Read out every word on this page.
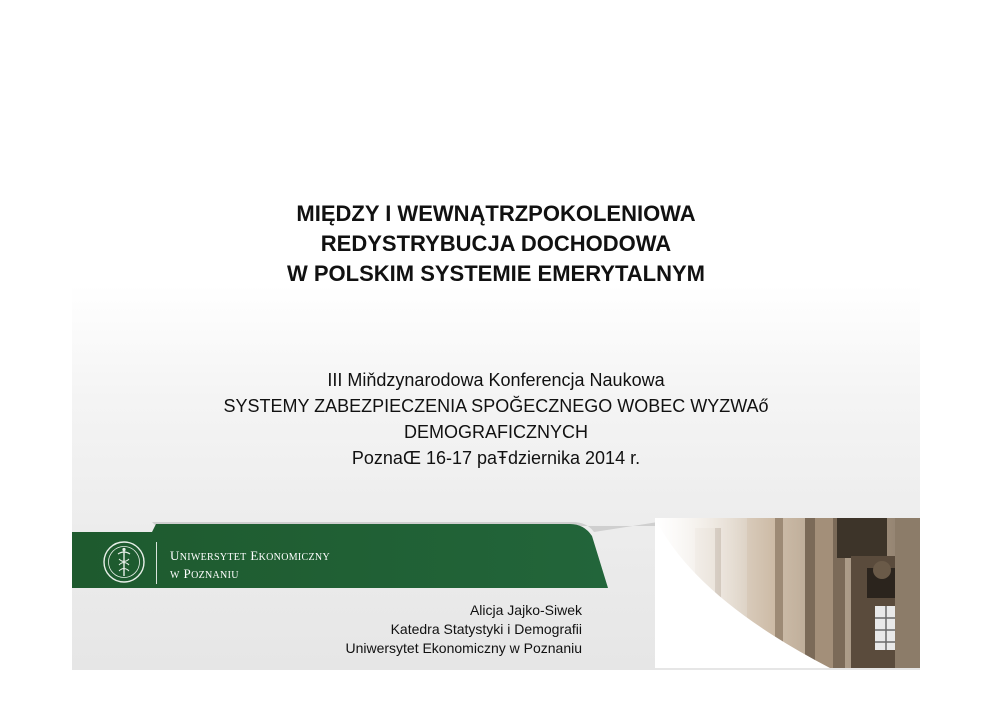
MIĘDZY I WEWNĄTRZPOKOLENIOWA
REDYSTRYBUCJA DOCHODOWA
W POLSKIM SYSTEMIE EMERYTALNYM
III Miňdzynarodowa Konferencja Naukowa
SYSTEMY ZABEZPIECZENIA SPOĞECZNEGO WOBEC WYZWAő
DEMOGRAFICZNYCH
PoznaŒ 16-17 paŦdziernika 2014 r.
Uniwersytet Ekonomiczny
w Poznaniu
Alicja Jajko-Siwek
Katedra Statystyki i Demografii
Uniwersytet Ekonomiczny w Poznaniu
